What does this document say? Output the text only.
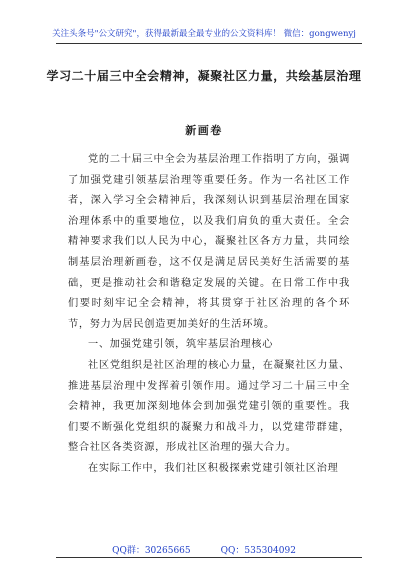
关注头条号"公文研究"，获得最新最全最专业的公文资料库！ 微信：gongwenyj
学习二十届三中全会精神，凝聚社区力量，共绘基层治理
新画卷

党的二十届三中全会为基层治理工作指明了方向，强调了加强党建引领基层治理等重要任务。作为一名社区工作者，深入学习全会精神后，我深刻认识到基层治理在国家治理体系中的重要地位，以及我们肩负的重大责任。全会精神要求我们以人民为中心，凝聚社区各方力量，共同绘制基层治理新画卷，这不仅是满足居民美好生活需要的基础，更是推动社会和谐稳定发展的关键。在日常工作中我们要时刻牢记全会精神，将其贯穿于社区治理的各个环节，努力为居民创造更加美好的生活环境。

一、加强党建引领，筑牢基层治理核心

社区党组织是社区治理的核心力量，在凝聚社区力量、推进基层治理中发挥着引领作用。通过学习二十届三中全会精神，我更加深刻地体会到加强党建引领的重要性。我们要不断强化党组织的凝聚力和战斗力，以党建带群建，整合社区各类资源，形成社区治理的强大合力。

在实际工作中，我们社区积极探索党建引领社区治理

QQ群：30265665	QQ：535304092
